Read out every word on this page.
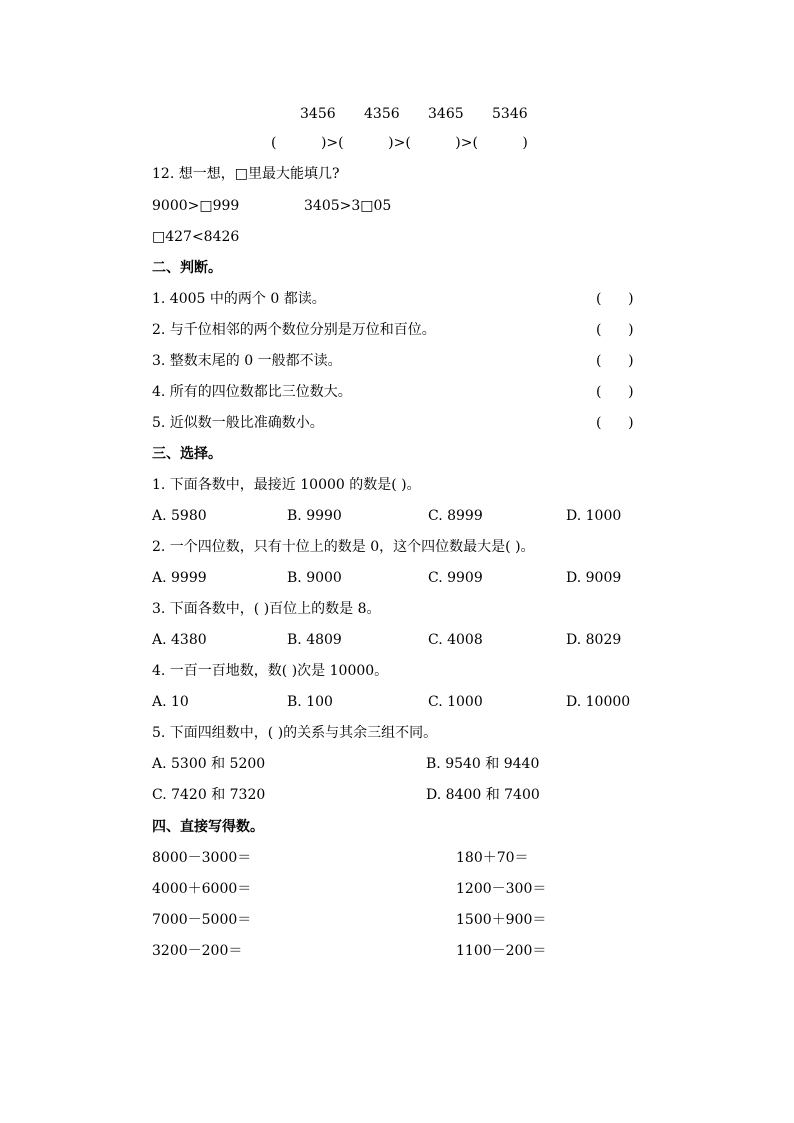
3456 4356 3465 5346
(          )>(          )>(          )>(          )
12. 想一想，□里最大能填几?
9000>□999	3405>3□05
□427<8426
二、判断。
1. 4005 中的两个 0 都读。	(      )
2. 与千位相邻的两个数位分别是万位和百位。	(      )
3. 整数末尾的 0 一般都不读。	(      )
4. 所有的四位数都比三位数大。	(      )
5. 近似数一般比准确数小。	(      )
三、选择。
1. 下面各数中，最接近 10000 的数是( )。
A. 5980	B. 9990	C. 8999	D. 1000
2. 一个四位数，只有十位上的数是 0，这个四位数最大是( )。
A. 9999	B. 9000	C. 9909	D. 9009
3. 下面各数中，( )百位上的数是 8。
A. 4380	B. 4809	C. 4008	D. 8029
4. 一百一百地数，数( )次是 10000。
A. 10	B. 100	C. 1000	D. 10000
5. 下面四组数中，( )的关系与其余三组不同。
A. 5300 和 5200	B. 9540 和 9440
C. 7420 和 7320	D. 8400 和 7400
四、直接写得数。
8000－3000＝	180＋70＝
4000＋6000＝	1200－300＝
7000－5000＝	1500＋900＝
3200－200＝	1100－200＝
